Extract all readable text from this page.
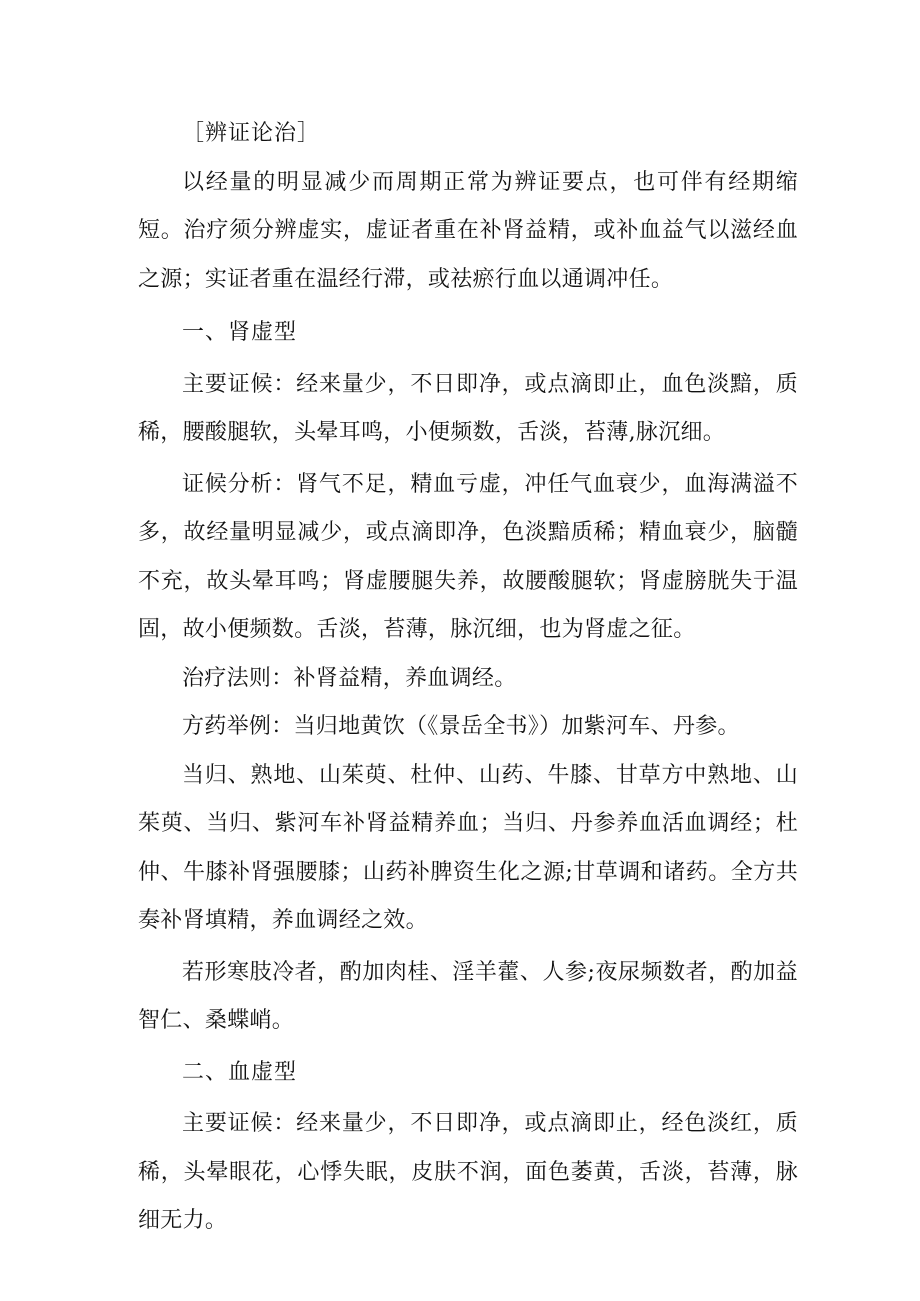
［辨证论治］

以经量的明显减少而周期正常为辨证要点，也可伴有经期缩短。治疗须分辨虚实，虚证者重在补肾益精，或补血益气以滋经血之源；实证者重在温经行滞，或祛瘀行血以通调冲任。

一、肾虚型

主要证候：经来量少，不日即净，或点滴即止，血色淡黯，质稀，腰酸腿软，头晕耳鸣，小便频数，舌淡，苔薄,脉沉细。

证候分析：肾气不足，精血亏虚，冲任气血衰少，血海满溢不多，故经量明显减少，或点滴即净，色淡黯质稀；精血衰少，脑髓不充，故头晕耳鸣；肾虚腰腿失养，故腰酸腿软；肾虚膀胱失于温固，故小便频数。舌淡，苔薄，脉沉细，也为肾虚之征。

治疗法则：补肾益精，养血调经。

方药举例：当归地黄饮（《景岳全书》）加紫河车、丹参。

当归、熟地、山茱萸、杜仲、山药、牛膝、甘草方中熟地、山茱萸、当归、紫河车补肾益精养血；当归、丹参养血活血调经；杜仲、牛膝补肾强腰膝；山药补脾资生化之源;甘草调和诸药。全方共奏补肾填精，养血调经之效。

若形寒肢冷者，酌加肉桂、淫羊藿、人参;夜尿频数者，酌加益智仁、桑蝶峭。

二、血虚型

主要证候：经来量少，不日即净，或点滴即止，经色淡红，质稀，头晕眼花，心悸失眠，皮肤不润，面色萎黄，舌淡，苔薄，脉细无力。
